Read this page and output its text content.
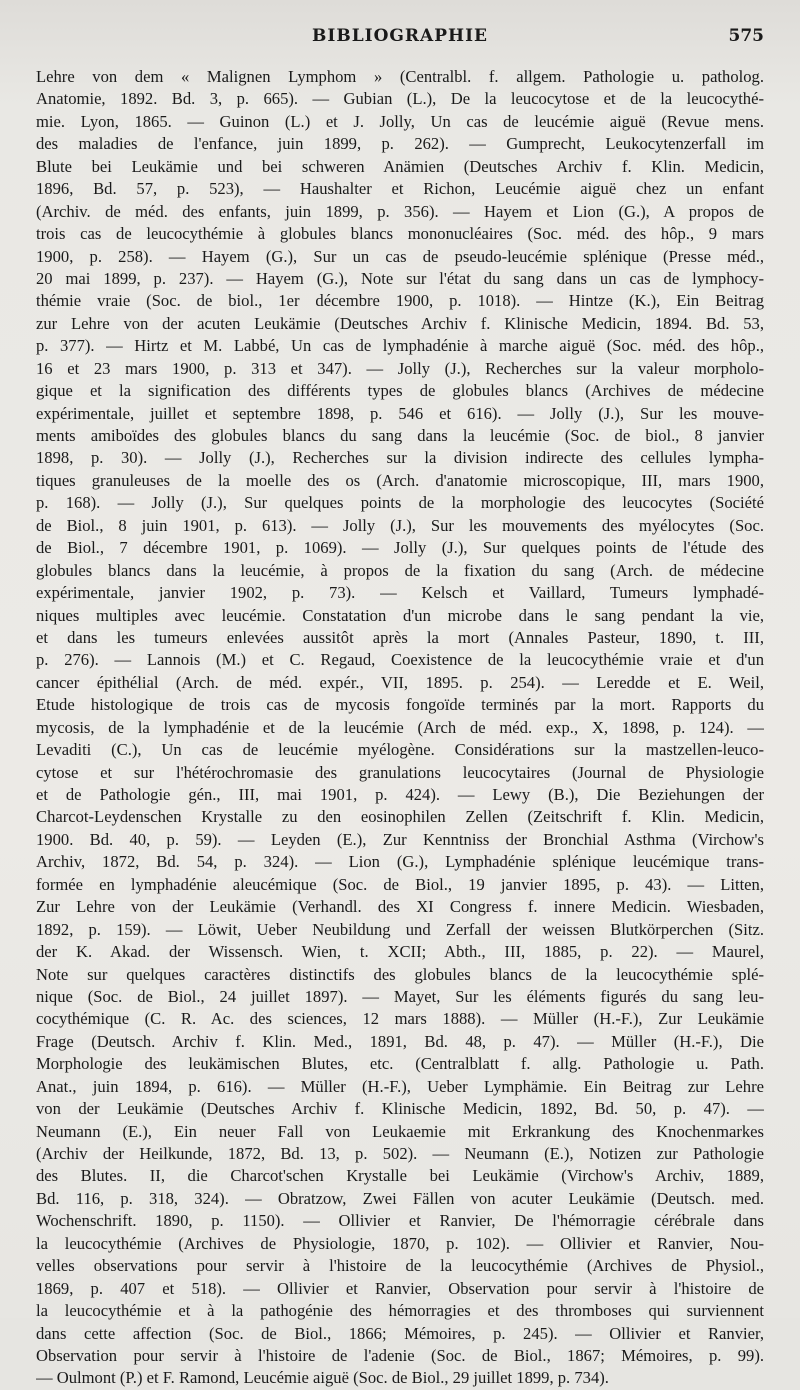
BIBLIOGRAPHIE	575
Lehre von dem « Malignen Lymphom » (Centralbl. f. allgem. Pathologie u. patholog.
Anatomie, 1892. Bd. 3, p. 665). — Gubian (L.), De la leucocytose et de la leucocythé-
mie. Lyon, 1865. — Guinon (L.) et J. Jolly, Un cas de leucémie aiguë (Revue mens.
des maladies de l'enfance, juin 1899, p. 262). — Gumprecht, Leukocytenzerfall im
Blute bei Leukämie und bei schweren Anämien (Deutsches Archiv f. Klin. Medicin,
1896, Bd. 57, p. 523), — Haushalter et Richon, Leucémie aiguë chez un enfant
(Archiv. de méd. des enfants, juin 1899, p. 356). — Hayem et Lion (G.), A propos de
trois cas de leucocythémie à globules blancs mononucléaires (Soc. méd. des hôp., 9 mars
1900, p. 258). — Hayem (G.), Sur un cas de pseudo-leucémie splénique (Presse méd.,
20 mai 1899, p. 237). — Hayem (G.), Note sur l'état du sang dans un cas de lymphocy-
thémie vraie (Soc. de biol., 1er décembre 1900, p. 1018). — Hintze (K.), Ein Beitrag
zur Lehre von der acuten Leukämie (Deutsches Archiv f. Klinische Medicin, 1894. Bd. 53,
p. 377). — Hirtz et M. Labbé, Un cas de lymphadénie à marche aiguë (Soc. méd. des hôp.,
16 et 23 mars 1900, p. 313 et 347). — Jolly (J.), Recherches sur la valeur morpholo-
gique et la signification des différents types de globules blancs (Archives de médecine
expérimentale, juillet et septembre 1898, p. 546 et 616). — Jolly (J.), Sur les mouve-
ments amiboïdes des globules blancs du sang dans la leucémie (Soc. de biol., 8 janvier
1898, p. 30). — Jolly (J.), Recherches sur la division indirecte des cellules lympha-
tiques granuleuses de la moelle des os (Arch. d'anatomie microscopique, III, mars 1900,
p. 168). — Jolly (J.), Sur quelques points de la morphologie des leucocytes (Société
de Biol., 8 juin 1901, p. 613). — Jolly (J.), Sur les mouvements des myélocytes (Soc.
de Biol., 7 décembre 1901, p. 1069). — Jolly (J.), Sur quelques points de l'étude des
globules blancs dans la leucémie, à propos de la fixation du sang (Arch. de médecine
expérimentale, janvier 1902, p. 73). — Kelsch et Vaillard, Tumeurs lymphadé-
niques multiples avec leucémie. Constatation d'un microbe dans le sang pendant la vie,
et dans les tumeurs enlevées aussitôt après la mort (Annales Pasteur, 1890, t. III,
p. 276). — Lannois (M.) et C. Regaud, Coexistence de la leucocythémie vraie et d'un
cancer épithélial (Arch. de méd. expér., VII, 1895. p. 254). — Leredde et E. Weil,
Etude histologique de trois cas de mycosis fongoïde terminés par la mort. Rapports du
mycosis, de la lymphadénie et de la leucémie (Arch de méd. exp., X, 1898, p. 124). —
Levaditi (C.), Un cas de leucémie myélogène. Considérations sur la mastzellen-leuco-
cytose et sur l'hétérochromasie des granulations leucocytaires (Journal de Physiologie
et de Pathologie gén., III, mai 1901, p. 424). — Lewy (B.), Die Beziehungen der
Charcot-Leydenschen Krystalle zu den eosinophilen Zellen (Zeitschrift f. Klin. Medicin,
1900. Bd. 40, p. 59). — Leyden (E.), Zur Kenntniss der Bronchial Asthma (Virchow's
Archiv, 1872, Bd. 54, p. 324). — Lion (G.), Lymphadénie splénique leucémique trans-
formée en lymphadénie aleucémique (Soc. de Biol., 19 janvier 1895, p. 43). — Litten,
Zur Lehre von der Leukämie (Verhandl. des XI Congress f. innere Medicin. Wiesbaden,
1892, p. 159). — Löwit, Ueber Neubildung und Zerfall der weissen Blutkörperchen (Sitz.
der K. Akad. der Wissensch. Wien, t. XCII; Abth., III, 1885, p. 22). — Maurel,
Note sur quelques caractères distinctifs des globules blancs de la leucocythémie splé-
nique (Soc. de Biol., 24 juillet 1897). — Mayet, Sur les éléments figurés du sang leu-
cocythémique (C. R. Ac. des sciences, 12 mars 1888). — Müller (H.-F.), Zur Leukämie
Frage (Deutsch. Archiv f. Klin. Med., 1891, Bd. 48, p. 47). — Müller (H.-F.), Die
Morphologie des leukämischen Blutes, etc. (Centralblatt f. allg. Pathologie u. Path.
Anat., juin 1894, p. 616). — Müller (H.-F.), Ueber Lymphämie. Ein Beitrag zur Lehre
von der Leukämie (Deutsches Archiv f. Klinische Medicin, 1892, Bd. 50, p. 47). —
Neumann (E.), Ein neuer Fall von Leukaemie mit Erkrankung des Knochenmarkes
(Archiv der Heilkunde, 1872, Bd. 13, p. 502). — Neumann (E.), Notizen zur Pathologie
des Blutes. II, die Charcot'schen Krystalle bei Leukämie (Virchow's Archiv, 1889,
Bd. 116, p. 318, 324). — Obratzow, Zwei Fällen von acuter Leukämie (Deutsch. med.
Wochenschrift. 1890, p. 1150). — Ollivier et Ranvier, De l'hémorragie cérébrale dans
la leucocythémie (Archives de Physiologie, 1870, p. 102). — Ollivier et Ranvier, Nou-
velles observations pour servir à l'histoire de la leucocythémie (Archives de Physiol.,
1869, p. 407 et 518). — Ollivier et Ranvier, Observation pour servir à l'histoire de
la leucocythémie et à la pathogénie des hémorragies et des thromboses qui surviennent
dans cette affection (Soc. de Biol., 1866; Mémoires, p. 245). — Ollivier et Ranvier,
Observation pour servir à l'histoire de l'adenie (Soc. de Biol., 1867; Mémoires, p. 99).
— Oulmont (P.) et F. Ramond, Leucémie aiguë (Soc. de Biol., 29 juillet 1899, p. 734).
